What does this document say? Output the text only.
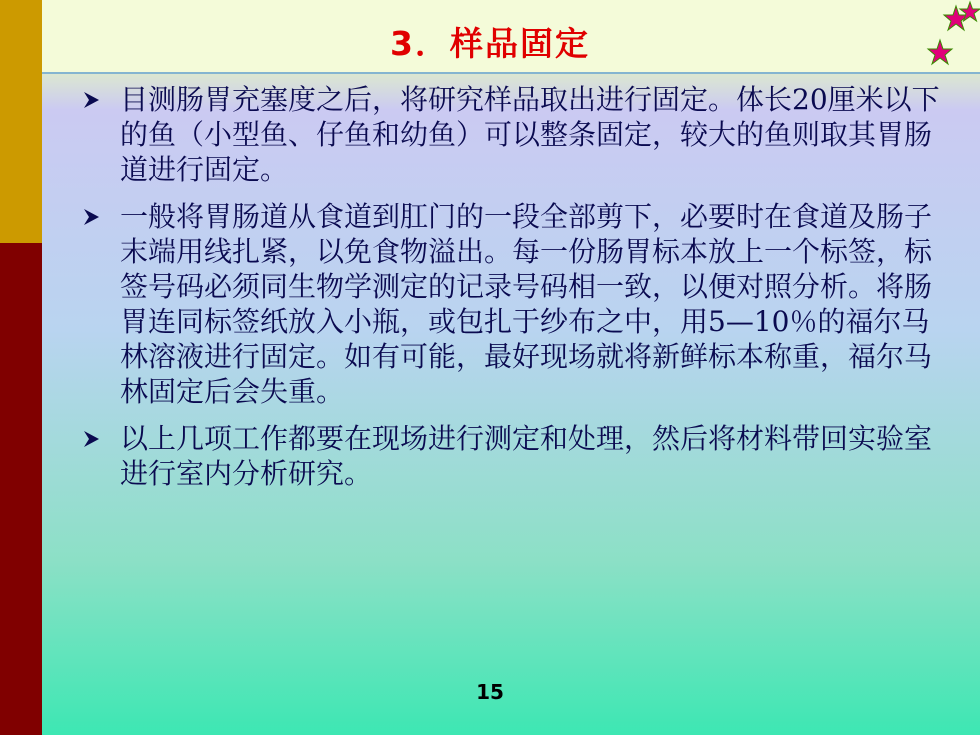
3．样品固定
目测肠胃充塞度之后，将研究样品取出进行固定。体长20厘米以下的鱼（小型鱼、仔鱼和幼鱼）可以整条固定，较大的鱼则取其胃肠道进行固定。
一般将胃肠道从食道到肛门的一段全部剪下，必要时在食道及肠子末端用线扎紧，以免食物溢出。每一份肠胃标本放上一个标签，标签号码必须同生物学测定的记录号码相一致，以便对照分析。将肠胃连同标签纸放入小瓶，或包扎于纱布之中，用5—10％的福尔马林溶液进行固定。如有可能，最好现场就将新鲜标本称重，福尔马林固定后会失重。
以上几项工作都要在现场进行测定和处理，然后将材料带回实验室进行室内分析研究。
15
